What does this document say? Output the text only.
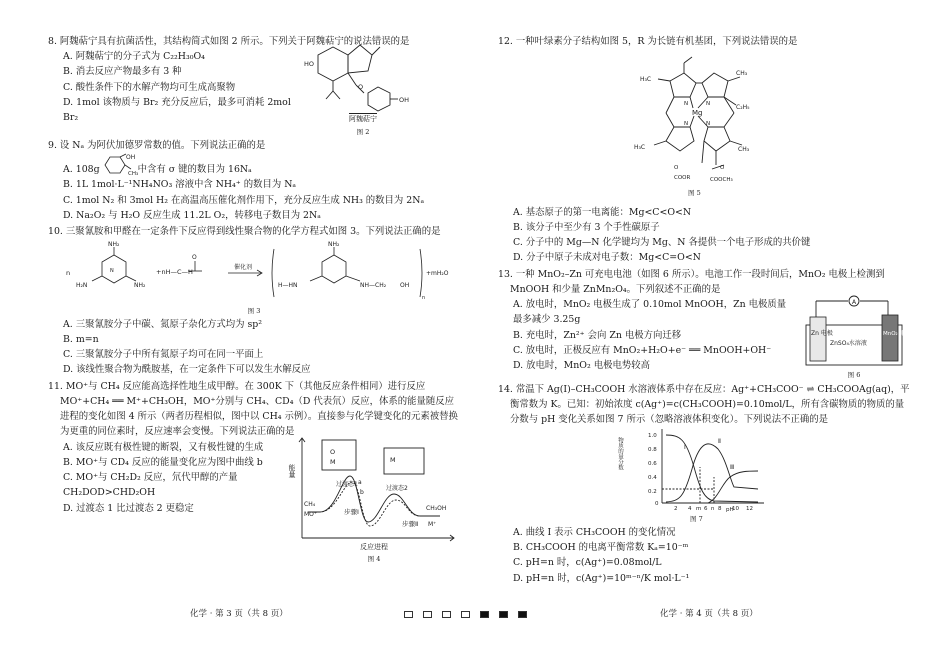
8. 阿魏萜宁具有抗菌活性，其结构简式如图 2 所示。下列关于阿魏萜宁的说法错误的是
A. 阿魏萜宁的分子式为 C₂₂H₃₀O₄
B. 消去反应产物最多有 3 种
C. 酸性条件下的水解产物均可生成高聚物
D. 1mol 该物质与 Br₂ 充分反应后，最多可消耗 2mol Br₂
HO
O
OH
阿魏萜宁
图 2
9. 设 Nₐ 为阿伏加德罗常数的值。下列说法正确的是
A. 108g
OH
CH₃ 中含有 σ 键的数目为 16Nₐ
B. 1L 1mol·L⁻¹NH₄NO₃ 溶液中含 NH₄⁺ 的数目为 Nₐ
C. 1mol N₂ 和 3mol H₂ 在高温高压催化剂作用下，充分反应生成 NH₃ 的数目为 2Nₐ
D. Na₂O₂ 与 H₂O 反应生成 11.2L O₂，转移电子数目为 2Nₐ
10. 三聚氰胺和甲醛在一定条件下反应得到线性聚合物的化学方程式如图 3。下列说法正确的是
n
NH₂
H₂N	NH₂
N	+nH—C—H
O
催化剂
H—HN
NH₂
NH—CH₂ OH
+mH₂O
n
图 3
A. 三聚氰胺分子中碳、氮原子杂化方式均为 sp²
B. m=n
C. 三聚氰胺分子中所有氮原子均可在同一平面上
D. 该线性聚合物为酰胺基，在一定条件下可以发生水解反应
11. MO⁺与 CH₄ 反应能高选择性地生成甲醇。在 300K 下（其他反应条件相同）进行反应 MO⁺+CH₄ ══ M⁺+CH₃OH，MO⁺分别与 CH₄、CD₄（D 代表氘）反应，体系的能量随反应进程的变化如图 4 所示（两者历程相似，图中以 CH₄ 示例）。直接参与化学键变化的元素被替换为更重的同位素时，反应速率会变慢。下列说法正确的是
A. 该反应既有极性键的断裂，又有极性键的生成
B. MO⁺与 CD₄ 反应的能量变化应为图中曲线 b
C. MO⁺与 CH₂D₂ 反应，氘代甲醇的产量 CH₂DOD>CHD₂OH
D. 过渡态 1 比过渡态 2 更稳定
能量
O
M	M
过渡态1
过渡态2
步骤Ⅰ
步骤Ⅱ
CH₄
MO⁺
CH₃OH
M⁺
a
b
反应进程
图 4
12. 一种叶绿素分子结构如图 5，R 为长链有机基团，下列说法错误的是
Mg
N	N
N	N
H₃C
CH₃
C₂H₅
H₃C	CH₃
O	O
COOR	COOCH₃
图 5
A. 基态原子的第一电离能：Mg<C<O<N
B. 该分子中至少有 3 个手性碳原子
C. 分子中的 Mg—N 化学键均为 Mg、N 各提供一个电子形成的共价键
D. 分子中原子未成对电子数：Mg<C=O<N
13. 一种 MnO₂–Zn 可充电电池（如图 6 所示）。电池工作一段时间后，MnO₂ 电极上检测到 MnOOH 和少量 ZnMn₂O₄。下列叙述不正确的是
A. 放电时，MnO₂ 电极生成了 0.10mol MnOOH，Zn 电极质量最多减少 3.25g
B. 充电时，Zn²⁺ 会向 Zn 电极方向迁移
C. 放电时，正极反应有 MnO₂+H₂O+e⁻ ══ MnOOH+OH⁻
D. 放电时，MnO₂ 电极电势较高
A
Zn 电极
ZnSO₄水溶液
MnO₂ 电极
图 6
14. 常温下 Ag(Ⅰ)–CH₃COOH 水溶液体系中存在反应：Ag⁺+CH₃COO⁻ ⇌ CH₃COOAg(aq)，平衡常数为 K。已知：初始浓度 c(Ag⁺)=c(CH₃COOH)=0.10mol/L，所有含碳物质的物质的量分数与 pH 变化关系如图 7 所示（忽略溶液体积变化）。下列说法不正确的是
物质的量分数
1.0
0.8
0.6
0.4
0.2
0
2 4 m 6 n 8 10 12
Ⅰ
Ⅱ
Ⅲ
pH
图 7
A. 曲线 Ⅰ 表示 CH₃COOH 的变化情况
B. CH₃COOH 的电离平衡常数 Kₐ=10⁻ᵐ
C. pH=n 时，c(Ag⁺)=0.08mol/L
D. pH=n 时，c(Ag⁺)=10ᵐ⁻ⁿ/K mol·L⁻¹
化学 · 第 3 页（共 8 页）	化学 · 第 4 页（共 8 页）
